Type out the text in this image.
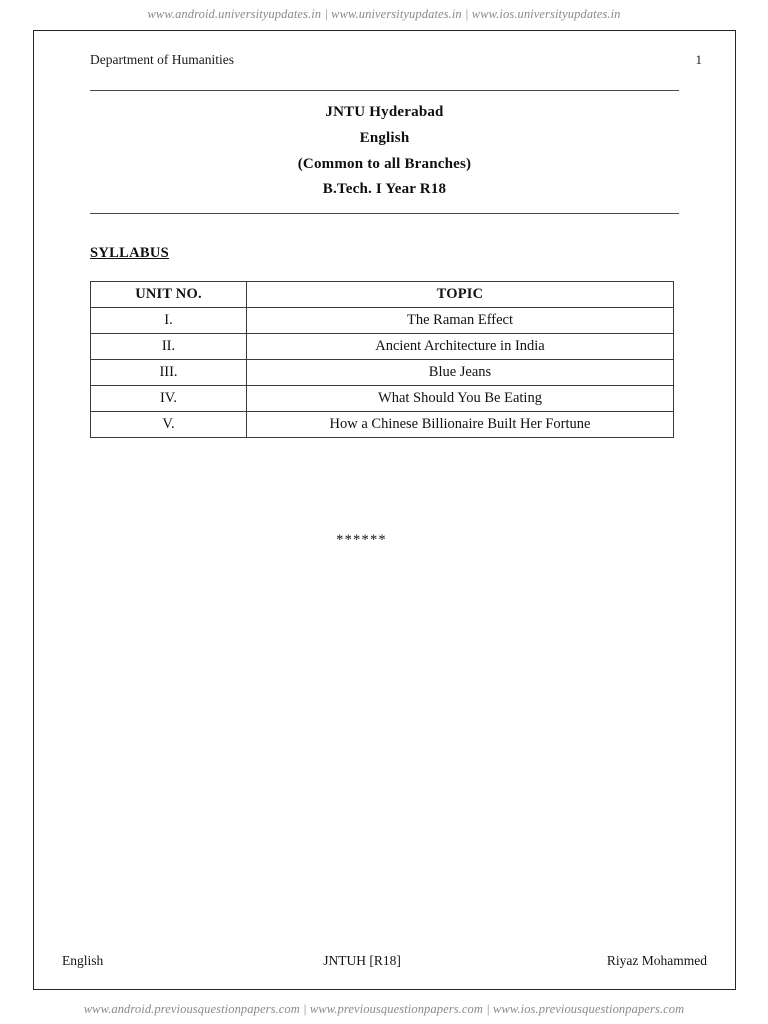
www.android.universityupdates.in | www.universityupdates.in | www.ios.universityupdates.in
Department of Humanities	1
JNTU Hyderabad
English
(Common to all Branches)
B.Tech. I Year R18
SYLLABUS
UNIT NO.	TOPIC
I.	The Raman Effect
II.	Ancient Architecture in India
III.	Blue Jeans
IV.	What Should You Be Eating
V.	How a Chinese Billionaire Built Her Fortune
******
English	JNTUH [R18]	Riyaz Mohammed
www.android.previousquestionpapers.com | www.previousquestionpapers.com | www.ios.previousquestionpapers.com
